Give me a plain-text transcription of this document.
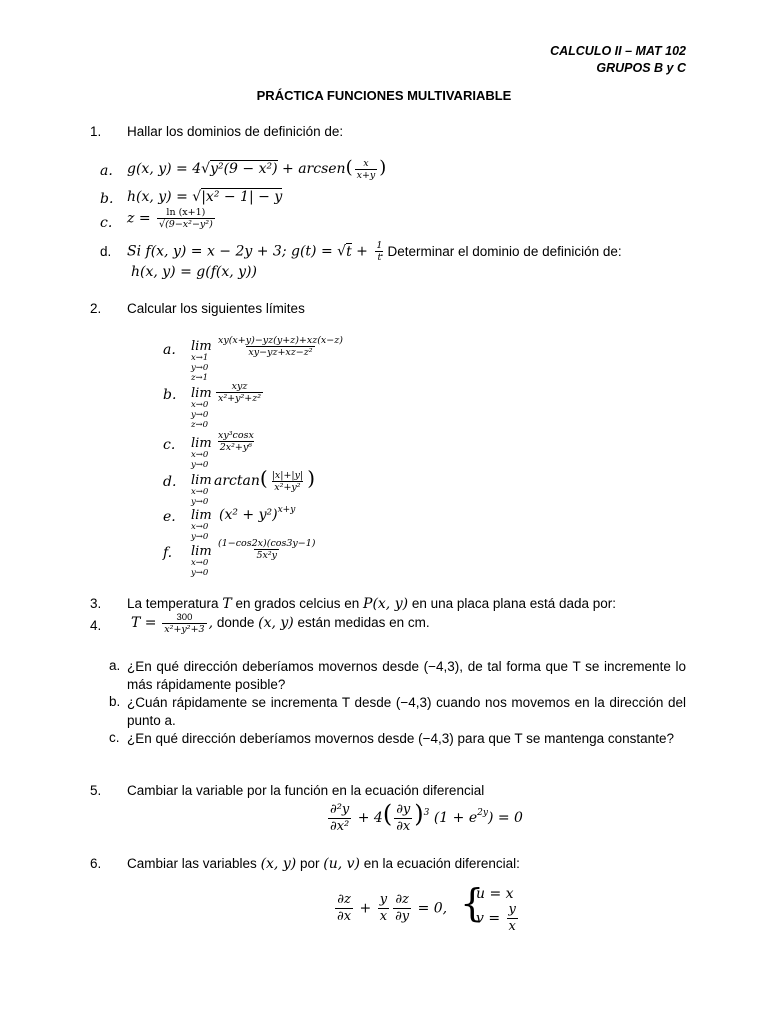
CALCULO II – MAT 102
GRUPOS B y C
PRÁCTICA FUNCIONES MULTIVARIABLE
1. Hallar los dominios de definición de:
a. g(x, y) = 4√y²(9 − x²) + arcsen( $\frac{x}{x+y}$ )
b. h(x, y) = √|x² − 1| − y
c. $z = \frac{\ln (x+1)}{\text{√(9−x²−y²)}}$
d. Si f(x, y) = x − 2y + 3; $g(t) = √t + \frac{1}{t}$
. Determinar el dominio de definición de:
h(x, y) = g(f(x, y))
2. Calcular los siguientes límites
a. lim
x→1
y→0
z→1
$\frac{xy(x+y)-yz(y+z)+xz(x-z)}{\text{xy−yz+xz−z²}}$
b. lim
x→0
y→0
z→0
$\frac{\text{xyz}}{\text{x²+y²+z²}}$
c. lim
x→0
y→0
$\frac{\text{xy³cosx}}{\text{2x²+y⁶}}$
d. lim
x→0
y→0
$\arctan( \frac{|x|+|y|}{\text{x²+y²}}$ )
e. lim
x→0
y→0
$(x^2 + y^2)^{x+y}$
f. lim
x→0
y→0
$\frac{(1-\cos 2x)(\cos 3y-1)}{\text{5x²y}}$
3. La temperatura T en grados celcius en P(x, y) en una placa plana está dada por:
4. $T = \frac{300}{\text{x²+y²+3}}$ , donde (x, y) están medidas en cm.
a. ¿En qué dirección deberíamos movernos desde (−4,3), de tal forma que T se incremente lo más rápidamente posible?
b. ¿Cuán rápidamente se incrementa T desde (−4,3) cuando nos movemos en la dirección del punto a.
c. ¿En qué dirección deberíamos movernos desde (−4,3) para que T se mantenga constante?
5. Cambiar la variable por la función en la ecuación diferencial
$\frac{\text{∂²y}}{\text{∂x²}} + 4( \frac{\partial y}{\partial x} )^3$ $(1 + e^{2y}) = 0$
6. Cambiar las variables (x, y) por (u, v) en la ecuación diferencial:
$\frac{\partial z}{\partial x} + \frac{y}{x} \frac{\partial z}{\partial y} = 0$, {
u = x
$v = \frac{y}{x}$
